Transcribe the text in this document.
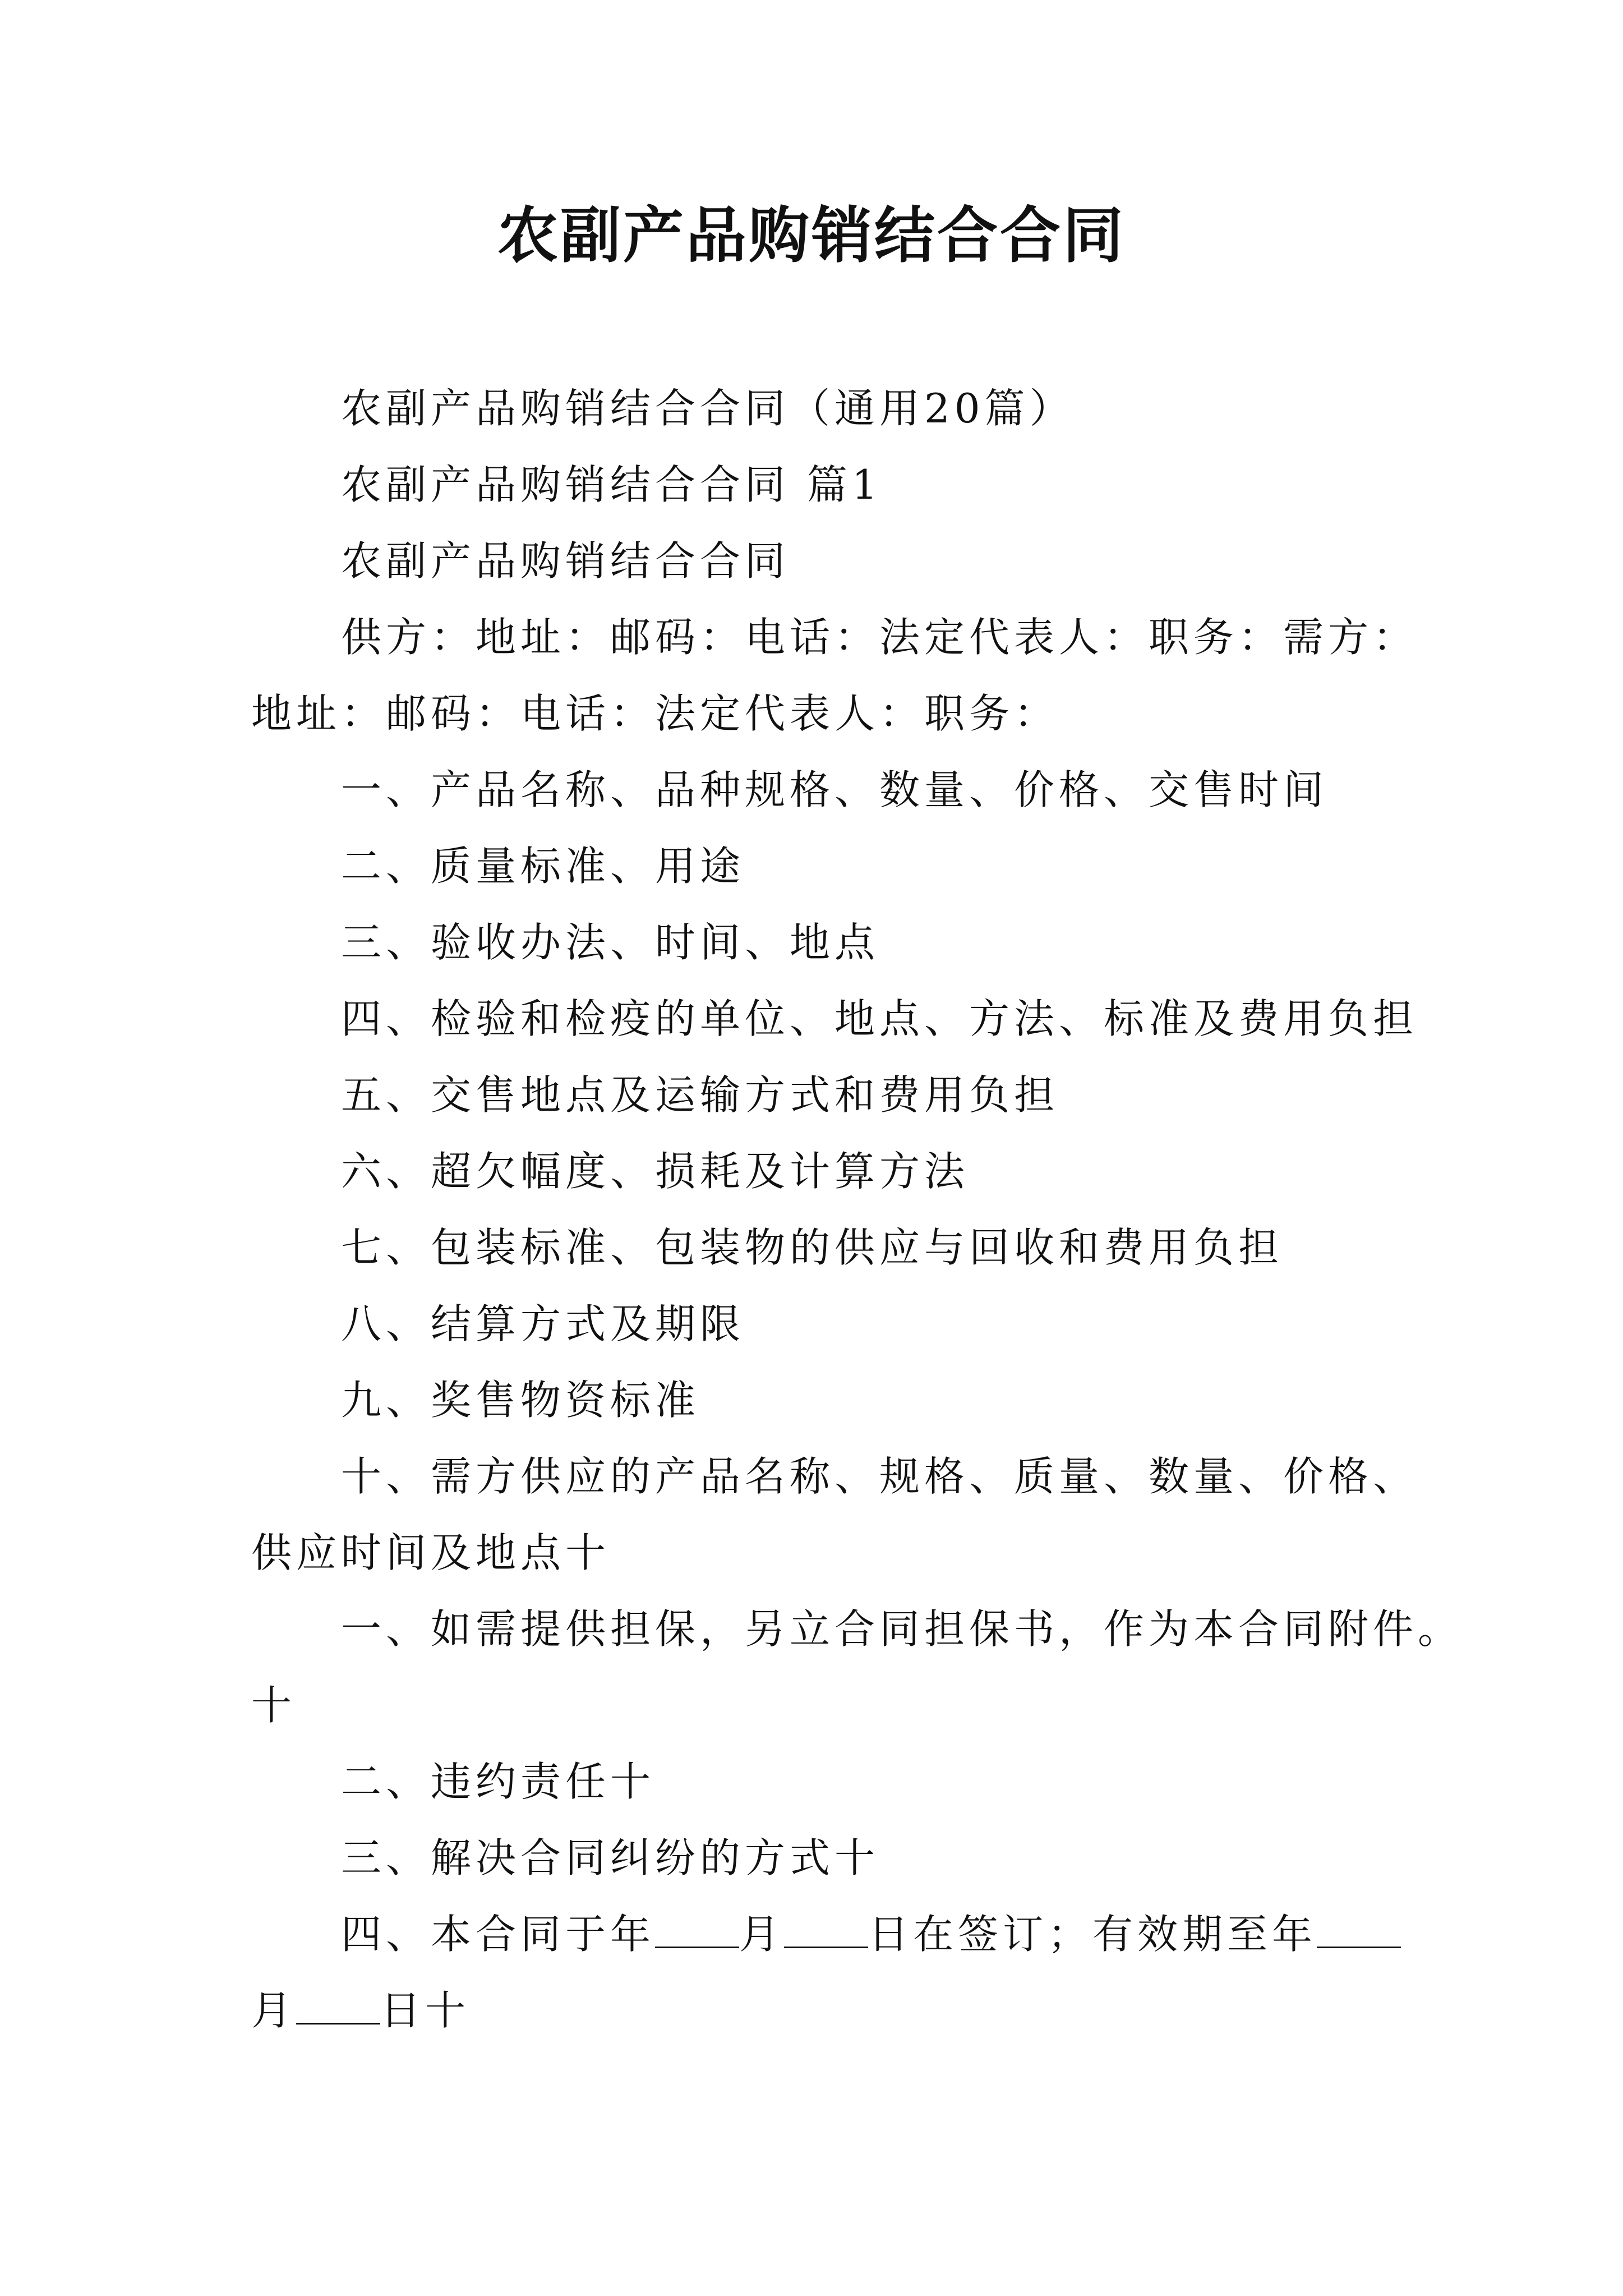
农副产品购销结合合同
农副产品购销结合合同（通用20篇）
农副产品购销结合合同 篇1
农副产品购销结合合同
供方：地址：邮码：电话：法定代表人：职务：需方：
地址：邮码：电话：法定代表人：职务：
一、产品名称、品种规格、数量、价格、交售时间
二、质量标准、用途
三、验收办法、时间、地点
四、检验和检疫的单位、地点、方法、标准及费用负担
五、交售地点及运输方式和费用负担
六、超欠幅度、损耗及计算方法
七、包装标准、包装物的供应与回收和费用负担
八、结算方式及期限
九、奖售物资标准
十、需方供应的产品名称、规格、质量、数量、价格、
供应时间及地点十
一、如需提供担保，另立合同担保书，作为本合同附件。
十
二、违约责任十
三、解决合同纠纷的方式十
四、本合同于年 月 日在签订；有效期至年
月 日十
